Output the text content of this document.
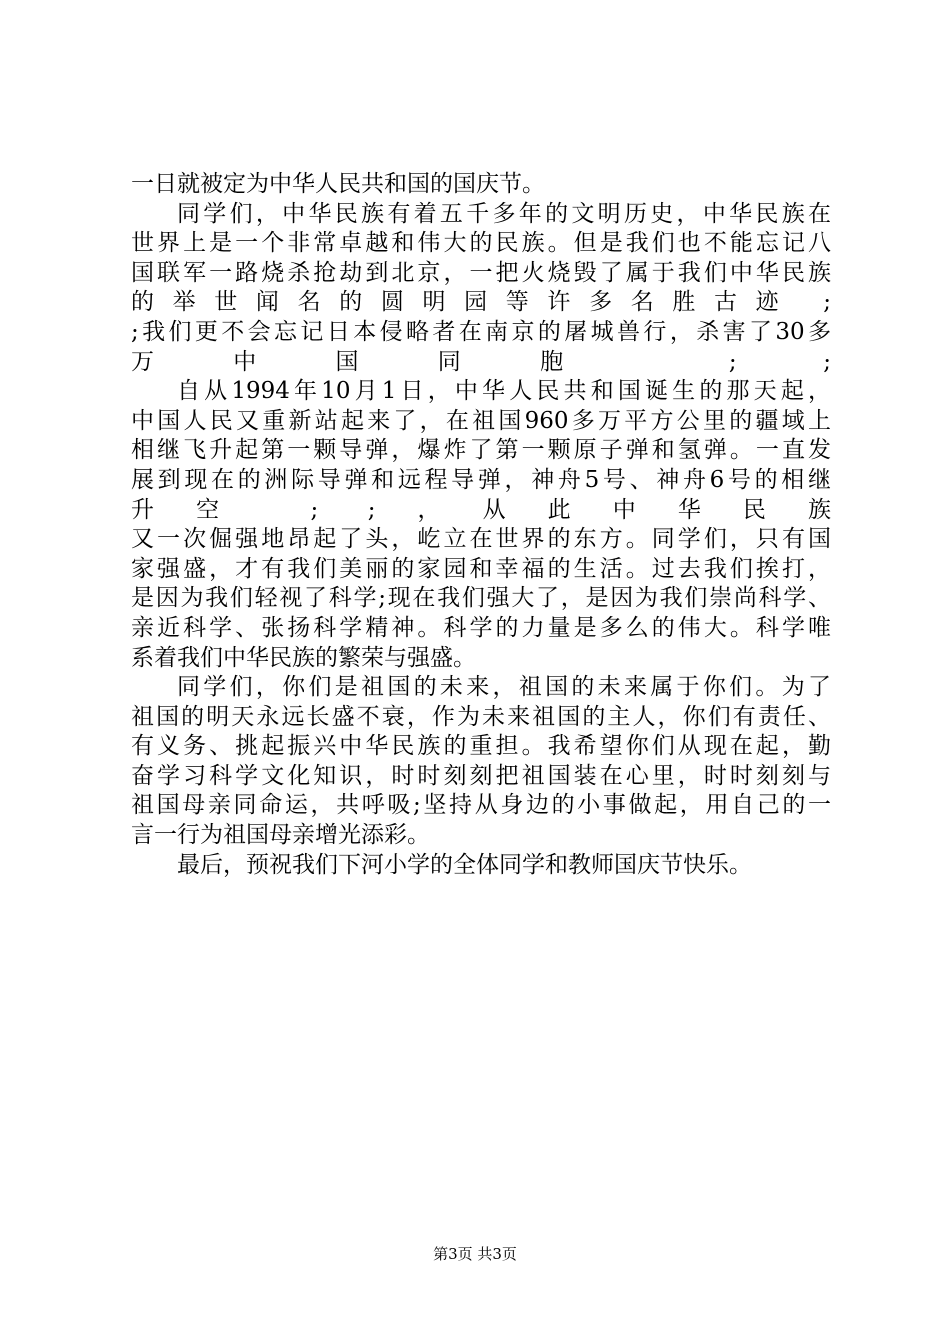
一日就被定为中华人民共和国的国庆节。
同学们，中华民族有着五千多年的文明历史，中华民族在
世界上是一个非常卓越和伟大的民族。但是我们也不能忘记八
国联军一路烧杀抢劫到北京，一把火烧毁了属于我们中华民族
的举世闻名的圆明园等许多名胜古迹 ;
;我们更不会忘记日本侵略者在南京的屠城兽行，杀害了30多
万中国同胞 ; ;
自从1994年10月1日，中华人民共和国诞生的那天起，
中国人民又重新站起来了，在祖国960多万平方公里的疆域上
相继飞升起第一颗导弹，爆炸了第一颗原子弹和氢弹。一直发
展到现在的洲际导弹和远程导弹，神舟5号、神舟6号的相继
升空 ; ;，从此中华民族
又一次倔强地昂起了头，屹立在世界的东方。同学们，只有国
家强盛，才有我们美丽的家园和幸福的生活。过去我们挨打，
是因为我们轻视了科学;现在我们强大了，是因为我们崇尚科学、
亲近科学、张扬科学精神。科学的力量是多么的伟大。科学唯
系着我们中华民族的繁荣与强盛。
同学们，你们是祖国的未来，祖国的未来属于你们。为了
祖国的明天永远长盛不衰，作为未来祖国的主人，你们有责任、
有义务、挑起振兴中华民族的重担。我希望你们从现在起，勤
奋学习科学文化知识，时时刻刻把祖国装在心里，时时刻刻与
祖国母亲同命运，共呼吸;坚持从身边的小事做起，用自己的一
言一行为祖国母亲增光添彩。
最后，预祝我们下河小学的全体同学和教师国庆节快乐。
第3页 共3页
